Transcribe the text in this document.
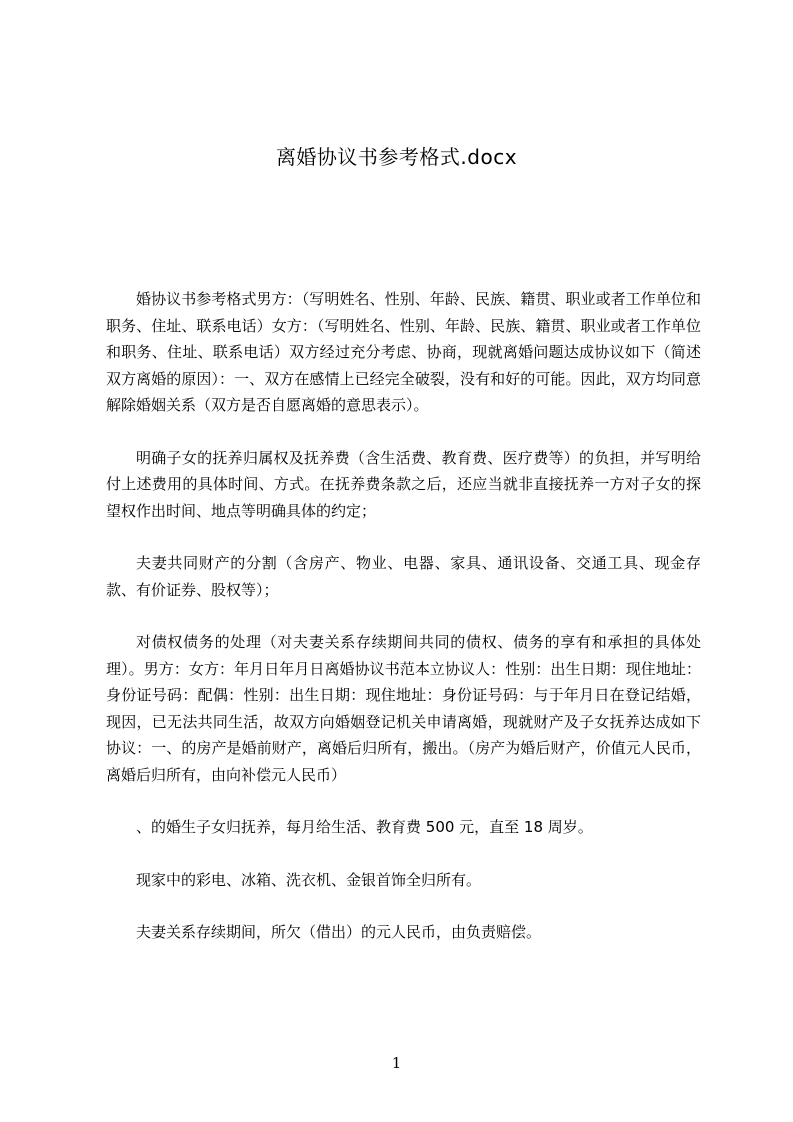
离婚协议书参考格式.docx

婚协议书参考格式男方：（写明姓名、性别、年龄、民族、籍贯、职业或者工作单位和职务、住址、联系电话）女方：（写明姓名、性别、年龄、民族、籍贯、职业或者工作单位和职务、住址、联系电话）双方经过充分考虑、协商，现就离婚问题达成协议如下（简述双方离婚的原因）：一、双方在感情上已经完全破裂，没有和好的可能。因此，双方均同意解除婚姻关系（双方是否自愿离婚的意思表示）。

明确子女的抚养归属权及抚养费（含生活费、教育费、医疗费等）的负担，并写明给付上述费用的具体时间、方式。在抚养费条款之后，还应当就非直接抚养一方对子女的探望权作出时间、地点等明确具体的约定；

夫妻共同财产的分割（含房产、物业、电器、家具、通讯设备、交通工具、现金存款、有价证券、股权等）；

对债权债务的处理（对夫妻关系存续期间共同的债权、债务的享有和承担的具体处理）。男方：女方：年月日年月日离婚协议书范本立协议人：性别：出生日期：现住地址：身份证号码：配偶：性别：出生日期：现住地址：身份证号码：与于年月日在登记结婚，现因，已无法共同生活，故双方向婚姻登记机关申请离婚，现就财产及子女抚养达成如下协议：一、的房产是婚前财产，离婚后归所有，搬出。（房产为婚后财产，价值元人民币，离婚后归所有，由向补偿元人民币）

、的婚生子女归抚养，每月给生活、教育费 500 元，直至 18 周岁。

现家中的彩电、冰箱、洗衣机、金银首饰全归所有。

夫妻关系存续期间，所欠（借出）的元人民币，由负责赔偿。

1
